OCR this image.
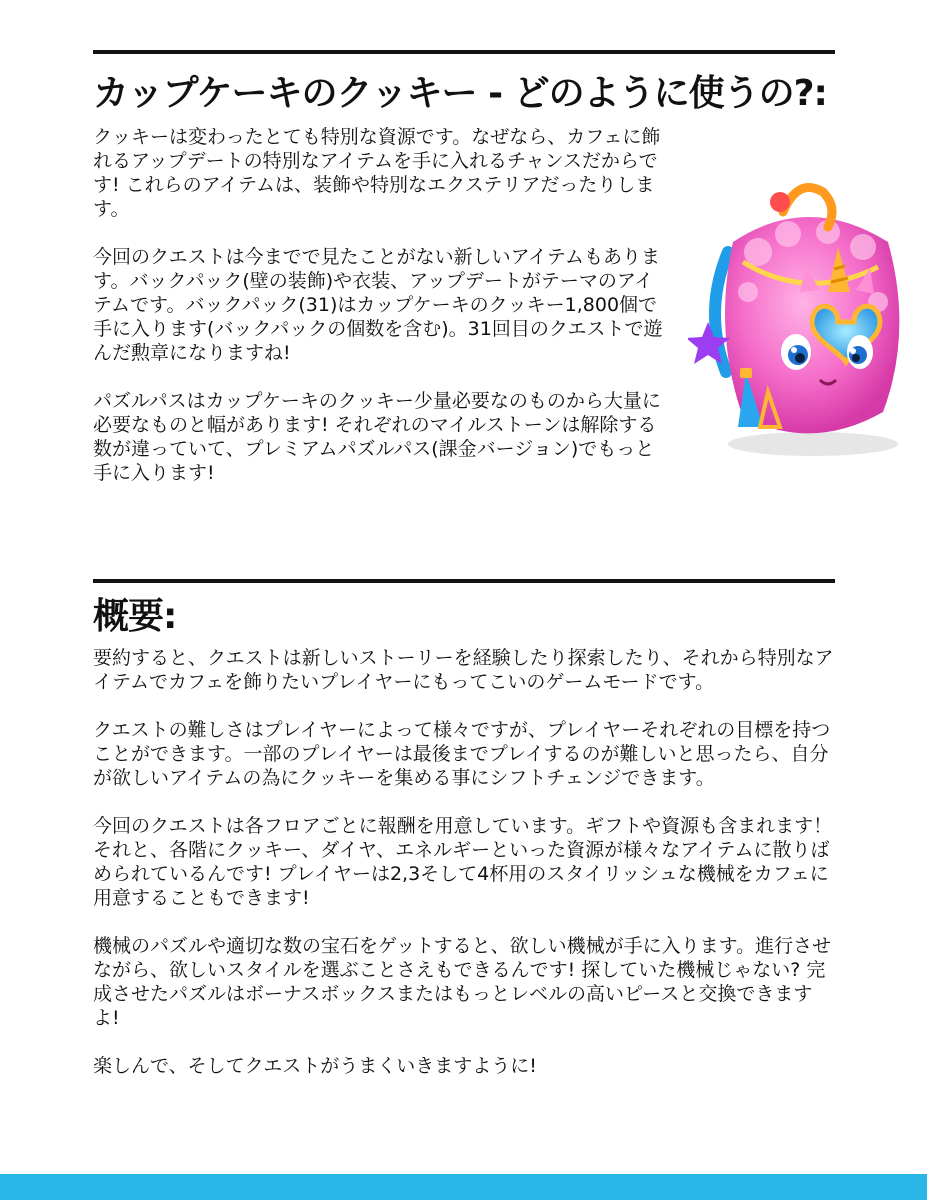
カップケーキのクッキー - どのように使うの?:

クッキーは変わったとても特別な資源です。なぜなら、カフェに飾れるアップデートの特別なアイテムを手に入れるチャンスだからです! これらのアイテムは、装飾や特別なエクステリアだったりします。

今回のクエストは今までで見たことがない新しいアイテムもあります。バックパック(壁の装飾)や衣装、アップデートがテーマのアイテムです。バックパック(31)はカップケーキのクッキー1,800個で手に入ります(バックパックの個数を含む)。31回目のクエストで遊んだ勲章になりますね!

パズルパスはカップケーキのクッキー少量必要なのものから大量に必要なものと幅があります! それぞれのマイルストーンは解除する数が違っていて、プレミアムパズルパス(課金バージョン)でもっと手に入ります!

概要:

要約すると、クエストは新しいストーリーを経験したり探索したり、それから特別なアイテムでカフェを飾りたいプレイヤーにもってこいのゲームモードです。

クエストの難しさはプレイヤーによって様々ですが、プレイヤーそれぞれの目標を持つことができます。一部のプレイヤーは最後までプレイするのが難しいと思ったら、自分が欲しいアイテムの為にクッキーを集める事にシフトチェンジできます。

今回のクエストは各フロアごとに報酬を用意しています。ギフトや資源も含まれます！それと、各階にクッキー、ダイヤ、エネルギーといった資源が様々なアイテムに散りばめられているんです! プレイヤーは2,3そして4杯用のスタイリッシュな機械をカフェに用意することもできます!

機械のパズルや適切な数の宝石をゲットすると、欲しい機械が手に入ります。進行させながら、欲しいスタイルを選ぶことさえもできるんです! 探していた機械じゃない? 完成させたパズルはボーナスボックスまたはもっとレベルの高いピースと交換できますよ!

楽しんで、そしてクエストがうまくいきますように!
